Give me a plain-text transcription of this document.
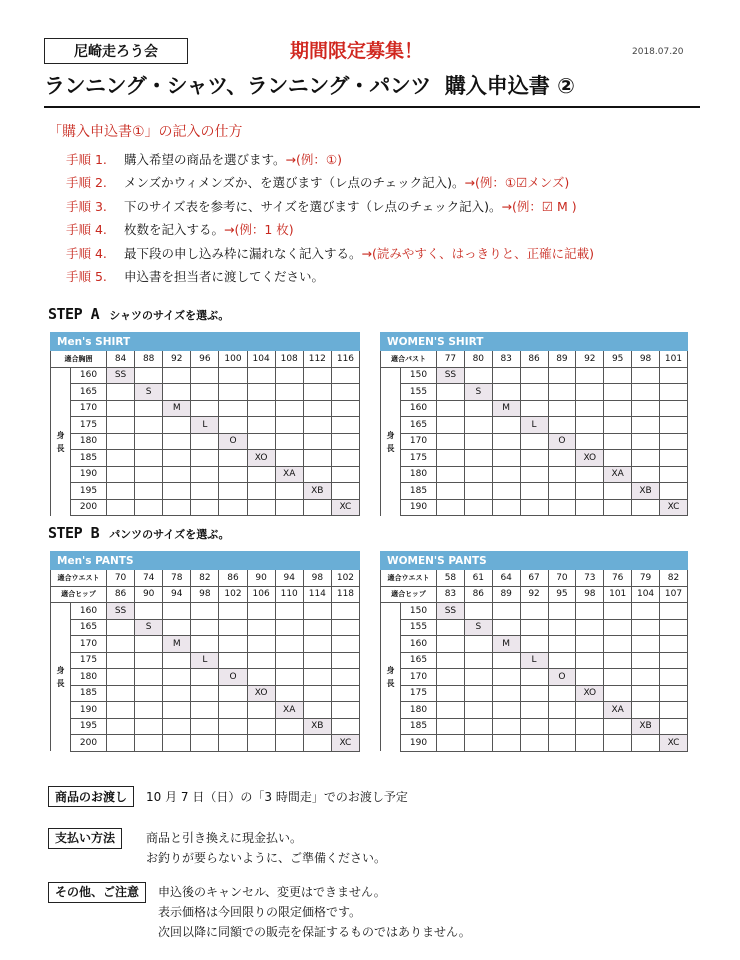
尼崎走ろう会	期間限定募集！	2018.07.20
ランニング・シャツ、ランニング・パンツ 購入申込書 ②
「購入申込書①」の記入の仕方
手順 1.	購入希望の商品を選びます。 →(例：①)
手順 2.	メンズかウィメンズか、を選びます（レ点のチェック記入)。 →(例：①☑メンズ)
手順 3.	下のサイズ表を参考に、サイズを選びます（レ点のチェック記入)。 →(例：☑ M )
手順 4.	枚数を記入する。 →(例：1 枚)
手順 4.	最下段の申し込み枠に漏れなく記入する。 →(読みやすく、はっきりと、正確に記載)
手順 5.	申込書を担当者に渡してください。
STEP A シャツのサイズを選ぶ。
STEP B パンツのサイズを選ぶ。
Men's SHIRT										
適合胸囲		84	88	92	96	100	104	108	112	116
身長	160	SS								
	165		S							
	170			M						
	175				L					
	180					O				
	185						XO			
	190							XA		
	195								XB	
	200									XC
WOMEN'S SHIRT										
適合バスト		77	80	83	86	89	92	95	98	101
身長	150	SS								
	155		S							
	160			M						
	165				L					
	170					O				
	175						XO			
	180							XA		
	185								XB	
	190									XC
Men's PANTS										
適合ウエスト		70	74	78	82	86	90	94	98	102
適合ヒップ		86	90	94	98	102	106	110	114	118
身長	160	SS								
	165		S							
	170			M						
	175				L					
	180					O				
	185						XO			
	190							XA		
	195								XB	
	200									XC
WOMEN'S PANTS										
適合ウエスト		58	61	64	67	70	73	76	79	82
適合ヒップ		83	86	89	92	95	98	101	104	107
身長	150	SS								
	155		S							
	160			M						
	165				L					
	170					O				
	175						XO			
	180							XA		
	185								XB	
	190									XC
商品のお渡し	10 月 7 日（日）の「3 時間走」でのお渡し予定
支払い方法	商品と引き換えに現金払い。
お釣りが要らないように、ご準備ください。
その他、ご注意	申込後のキャンセル、変更はできません。
表示価格は今回限りの限定価格です。
次回以降に同額での販売を保証するものではありません。
